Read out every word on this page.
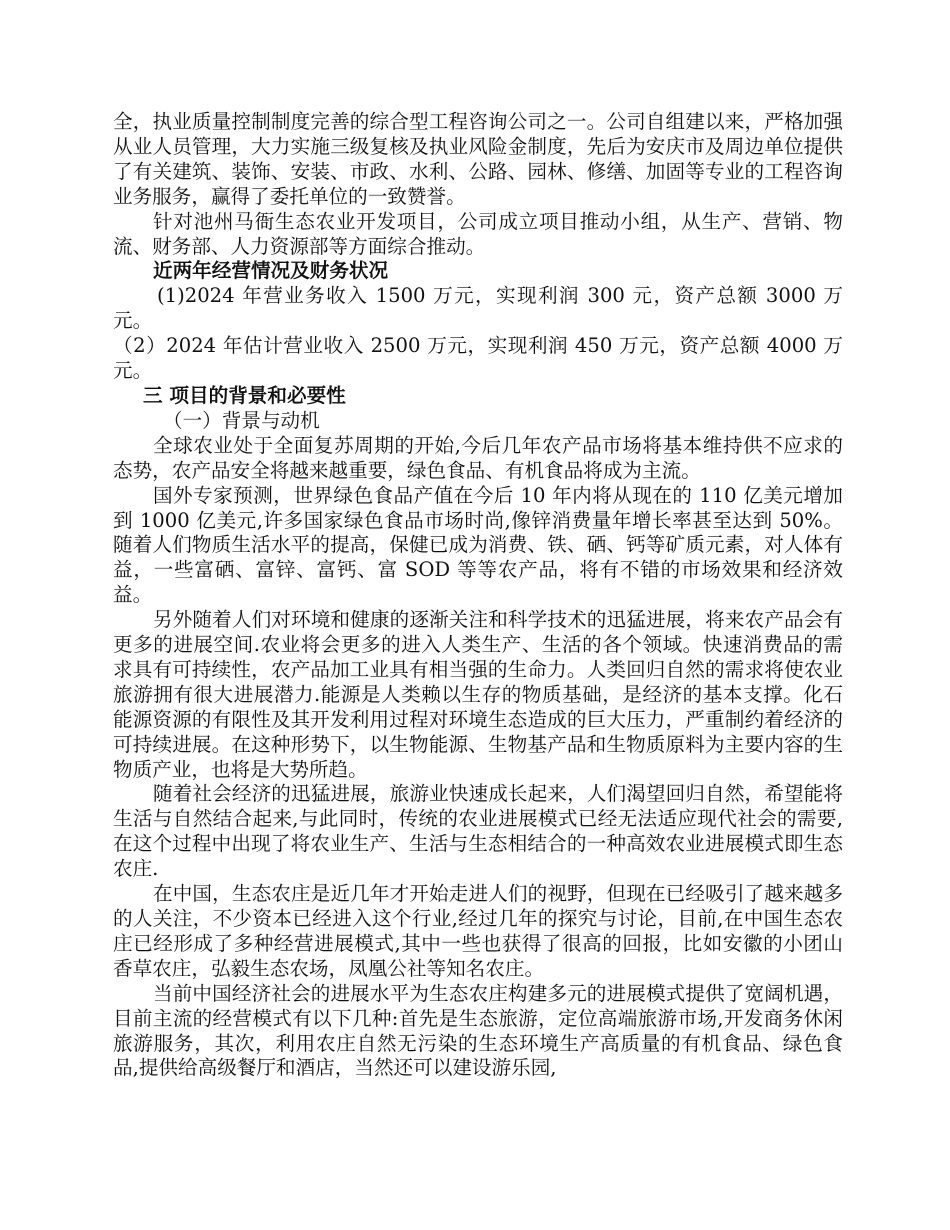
全，执业质量控制制度完善的综合型工程咨询公司之一。公司自组建以来，严格加强从业人员管理，大力实施三级复核及执业风险金制度，先后为安庆市及周边单位提供了有关建筑、装饰、安装、市政、水利、公路、园林、修缮、加固等专业的工程咨询业务服务，赢得了委托单位的一致赞誉。

针对池州马衙生态农业开发项目，公司成立项目推动小组，从生产、营销、物流、财务部、人力资源部等方面综合推动。

近两年经营情况及财务状况

(1)2024 年营业务收入 1500 万元，实现利润 300 元，资产总额 3000 万元。

（2）2024 年估计营业收入 2500 万元，实现利润 450 万元，资产总额 4000 万元。

三 项目的背景和必要性

（一）背景与动机

全球农业处于全面复苏周期的开始,今后几年农产品市场将基本维持供不应求的态势，农产品安全将越来越重要，绿色食品、有机食品将成为主流。

国外专家预测，世界绿色食品产值在今后 10 年内将从现在的 110 亿美元增加到 1000 亿美元,许多国家绿色食品市场时尚,像锌消费量年增长率甚至达到 50%。随着人们物质生活水平的提高，保健已成为消费、铁、硒、钙等矿质元素，对人体有益，一些富硒、富锌、富钙、富 SOD 等等农产品，将有不错的市场效果和经济效益。

另外随着人们对环境和健康的逐渐关注和科学技术的迅猛进展，将来农产品会有更多的进展空间.农业将会更多的进入人类生产、生活的各个领域。快速消费品的需求具有可持续性，农产品加工业具有相当强的生命力。人类回归自然的需求将使农业旅游拥有很大进展潜力.能源是人类赖以生存的物质基础，是经济的基本支撑。化石能源资源的有限性及其开发利用过程对环境生态造成的巨大压力，严重制约着经济的可持续进展。在这种形势下，以生物能源、生物基产品和生物质原料为主要内容的生物质产业，也将是大势所趋。

随着社会经济的迅猛进展，旅游业快速成长起来，人们渴望回归自然，希望能将生活与自然结合起来,与此同时，传统的农业进展模式已经无法适应现代社会的需要,在这个过程中出现了将农业生产、生活与生态相结合的一种高效农业进展模式即生态农庄.

在中国，生态农庄是近几年才开始走进人们的视野，但现在已经吸引了越来越多的人关注，不少资本已经进入这个行业,经过几年的探究与讨论，目前,在中国生态农庄已经形成了多种经营进展模式,其中一些也获得了很高的回报，比如安徽的小团山香草农庄，弘毅生态农场，凤凰公社等知名农庄。

当前中国经济社会的进展水平为生态农庄构建多元的进展模式提供了宽阔机遇，目前主流的经营模式有以下几种:首先是生态旅游，定位高端旅游市场,开发商务休闲旅游服务，其次，利用农庄自然无污染的生态环境生产高质量的有机食品、绿色食品,提供给高级餐厅和酒店，当然还可以建设游乐园,
